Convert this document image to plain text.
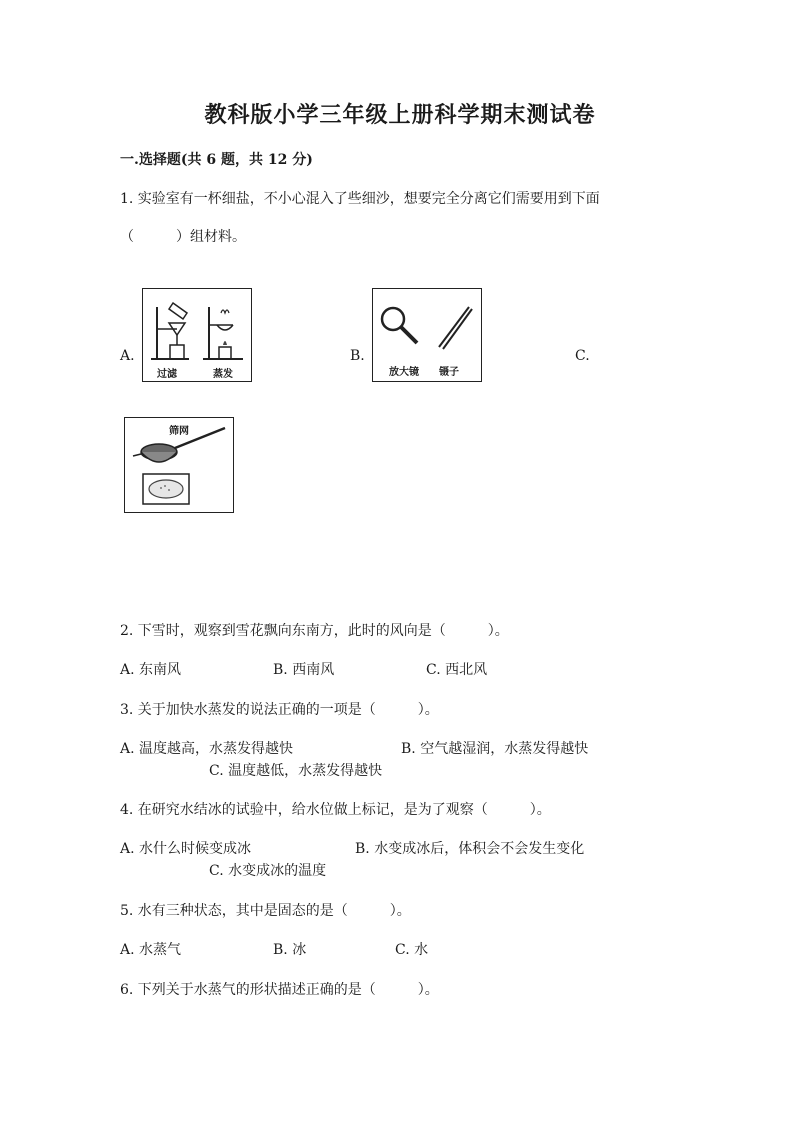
教科版小学三年级上册科学期末测试卷
一.选择题(共 6 题，共 12 分)
1. 实验室有一杯细盐，不小心混入了些细沙，想要完全分离它们需要用到下面
（　　　）组材料。
A.
过滤	蒸发
B.
放大镜 镊子
C.
筛网
2. 下雪时，观察到雪花飘向东南方，此时的风向是（　　　）。
A. 东南风	B. 西南风	C. 西北风
3. 关于加快水蒸发的说法正确的一项是（　　　）。
A. 温度越高，水蒸发得越快	B. 空气越湿润，水蒸发得越快
C. 温度越低，水蒸发得越快
4. 在研究水结冰的试验中，给水位做上标记，是为了观察（　　　）。
A. 水什么时候变成冰	B. 水变成冰后，体积会不会发生变化
C. 水变成冰的温度
5. 水有三种状态，其中是固态的是（　　　）。
A. 水蒸气	B. 冰	C. 水
6. 下列关于水蒸气的形状描述正确的是（　　　）。
